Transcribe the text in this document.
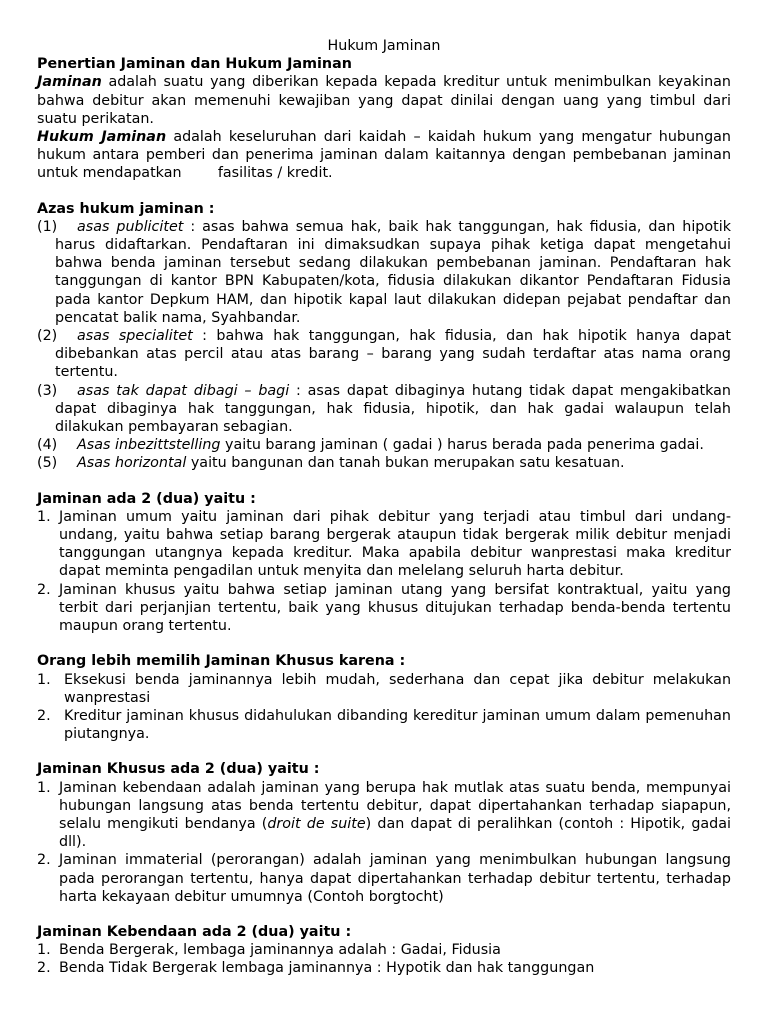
Hukum Jaminan

Penertian Jaminan dan Hukum Jaminan

Jaminan adalah suatu yang diberikan kepada kepada kreditur untuk menimbulkan keyakinan bahwa debitur akan memenuhi kewajiban yang dapat dinilai dengan uang yang timbul dari suatu perikatan.

Hukum Jaminan adalah keseluruhan dari kaidah – kaidah hukum yang mengatur hubungan hukum antara pemberi dan penerima jaminan dalam kaitannya dengan pembebanan jaminan untuk mendapatkan        fasilitas / kredit.

Azas hukum jaminan :

(1) asas publicitet : asas bahwa semua hak, baik hak tanggungan, hak fidusia, dan hipotik harus didaftarkan. Pendaftaran ini dimaksudkan supaya pihak ketiga dapat mengetahui bahwa benda jaminan tersebut sedang dilakukan pembebanan jaminan. Pendaftaran hak tanggungan di kantor BPN Kabupaten/kota, fidusia dilakukan dikantor Pendaftaran Fidusia pada kantor Depkum HAM, dan hipotik kapal laut dilakukan didepan pejabat pendaftar dan pencatat balik nama, Syahbandar.
(2) asas specialitet : bahwa hak tanggungan, hak fidusia, dan hak hipotik hanya dapat dibebankan atas percil atau atas barang – barang yang sudah terdaftar atas nama orang tertentu.
(3) asas tak dapat dibagi – bagi : asas dapat dibaginya hutang tidak dapat mengakibatkan dapat dibaginya hak tanggungan, hak fidusia, hipotik, dan hak gadai walaupun telah dilakukan pembayaran sebagian.
(4) Asas inbezittstelling yaitu barang jaminan ( gadai ) harus berada pada penerima gadai.
(5) Asas horizontal yaitu bangunan dan tanah bukan merupakan satu kesatuan.

Jaminan ada 2 (dua) yaitu :

1. Jaminan umum yaitu jaminan dari pihak debitur yang terjadi atau timbul dari undang-undang, yaitu bahwa setiap barang bergerak ataupun tidak bergerak milik debitur menjadi tanggungan utangnya kepada kreditur. Maka apabila debitur wanprestasi maka kreditur dapat meminta pengadilan untuk menyita dan melelang seluruh harta debitur.
2. Jaminan khusus yaitu bahwa setiap jaminan utang yang bersifat kontraktual, yaitu yang terbit dari perjanjian tertentu, baik yang khusus ditujukan terhadap benda-benda tertentu maupun orang tertentu.

Orang lebih memilih Jaminan Khusus karena :

1. Eksekusi benda jaminannya lebih mudah, sederhana dan cepat jika debitur melakukan wanprestasi
2. Kreditur jaminan khusus didahulukan dibanding kereditur jaminan umum dalam pemenuhan piutangnya.

Jaminan Khusus ada 2 (dua) yaitu :

1. Jaminan kebendaan adalah jaminan yang berupa hak mutlak atas suatu benda, mempunyai hubungan langsung atas benda tertentu debitur, dapat dipertahankan terhadap siapapun, selalu mengikuti bendanya (droit de suite) dan dapat di peralihkan (contoh : Hipotik, gadai dll).
2. Jaminan immaterial (perorangan) adalah jaminan yang menimbulkan hubungan langsung pada perorangan tertentu, hanya dapat dipertahankan terhadap debitur tertentu, terhadap harta kekayaan debitur umumnya (Contoh borgtocht)

Jaminan Kebendaan ada 2 (dua) yaitu :

1. Benda Bergerak, lembaga jaminannya adalah : Gadai, Fidusia
2. Benda Tidak Bergerak lembaga jaminannya : Hypotik dan hak tanggungan
